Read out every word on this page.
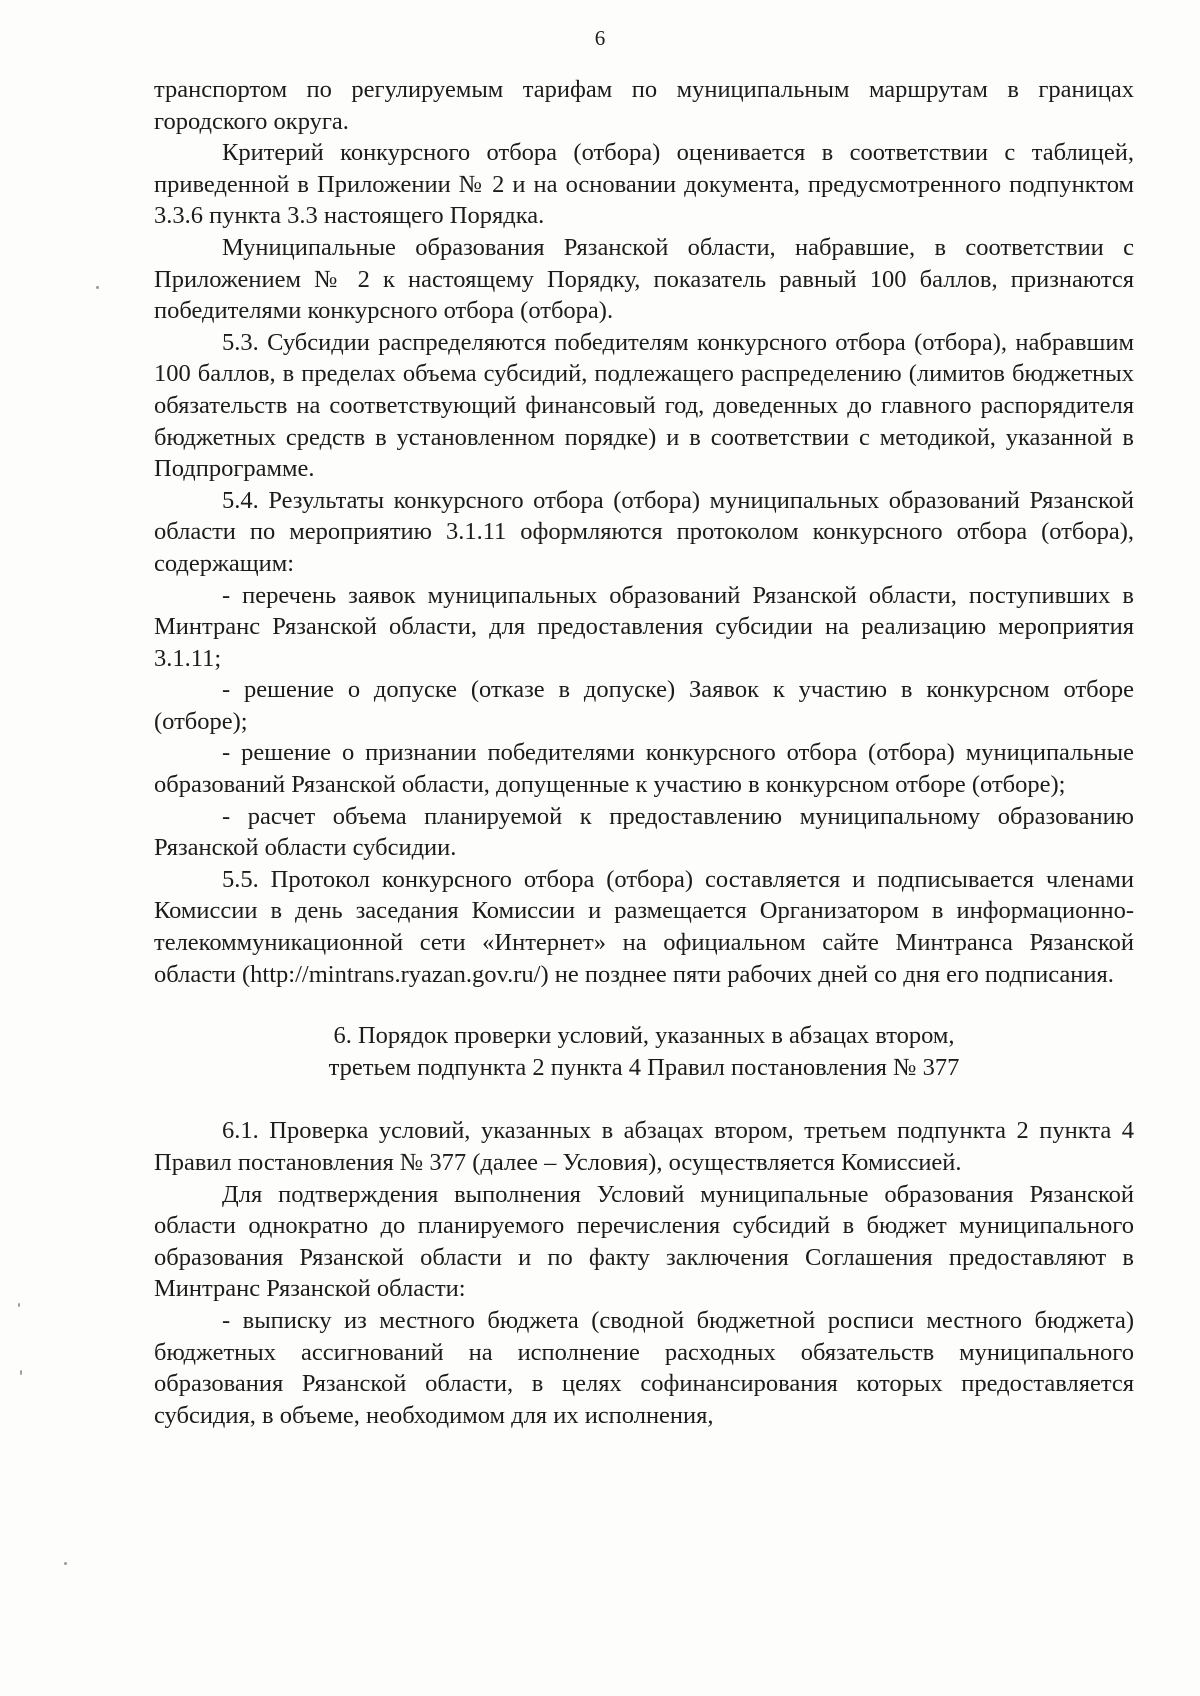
6

транспортом по регулируемым тарифам по муниципальным маршрутам в границах городского округа.

Критерий конкурсного отбора (отбора) оценивается в соответствии с таблицей, приведенной в Приложении № 2 и на основании документа, предусмотренного подпунктом 3.3.6 пункта 3.3 настоящего Порядка.

Муниципальные образования Рязанской области, набравшие, в соответствии с Приложением № 2 к настоящему Порядку, показатель равный 100 баллов, признаются победителями конкурсного отбора (отбора).

5.3. Субсидии распределяются победителям конкурсного отбора (отбора), набравшим 100 баллов, в пределах объема субсидий, подлежащего распределению (лимитов бюджетных обязательств на соответствующий финансовый год, доведенных до главного распорядителя бюджетных средств в установленном порядке) и в соответствии с методикой, указанной в Подпрограмме.

5.4. Результаты конкурсного отбора (отбора) муниципальных образований Рязанской области по мероприятию 3.1.11 оформляются протоколом конкурсного отбора (отбора), содержащим:

- перечень заявок муниципальных образований Рязанской области, поступивших в Минтранс Рязанской области, для предоставления субсидии на реализацию мероприятия 3.1.11;

- решение о допуске (отказе в допуске) Заявок к участию в конкурсном отборе (отборе);

- решение о признании победителями конкурсного отбора (отбора) муниципальные образований Рязанской области, допущенные к участию в конкурсном отборе (отборе);

- расчет объема планируемой к предоставлению муниципальному образованию Рязанской области субсидии.

5.5. Протокол конкурсного отбора (отбора) составляется и подписывается членами Комиссии в день заседания Комиссии и размещается Организатором в информационно-телекоммуникационной сети «Интернет» на официальном сайте Минтранса Рязанской области (http://mintrans.ryazan.gov.ru/) не позднее пяти рабочих дней со дня его подписания.

6. Порядок проверки условий, указанных в абзацах втором,
третьем подпункта 2 пункта 4 Правил постановления № 377

6.1. Проверка условий, указанных в абзацах втором, третьем подпункта 2 пункта 4 Правил постановления № 377 (далее – Условия), осуществляется Комиссией.

Для подтверждения выполнения Условий муниципальные образования Рязанской области однократно до планируемого перечисления субсидий в бюджет муниципального образования Рязанской области и по факту заключения Соглашения предоставляют в Минтранс Рязанской области:

- выписку из местного бюджета (сводной бюджетной росписи местного бюджета) бюджетных ассигнований на исполнение расходных обязательств муниципального образования Рязанской области, в целях софинансирования которых предоставляется субсидия, в объеме, необходимом для их исполнения,
